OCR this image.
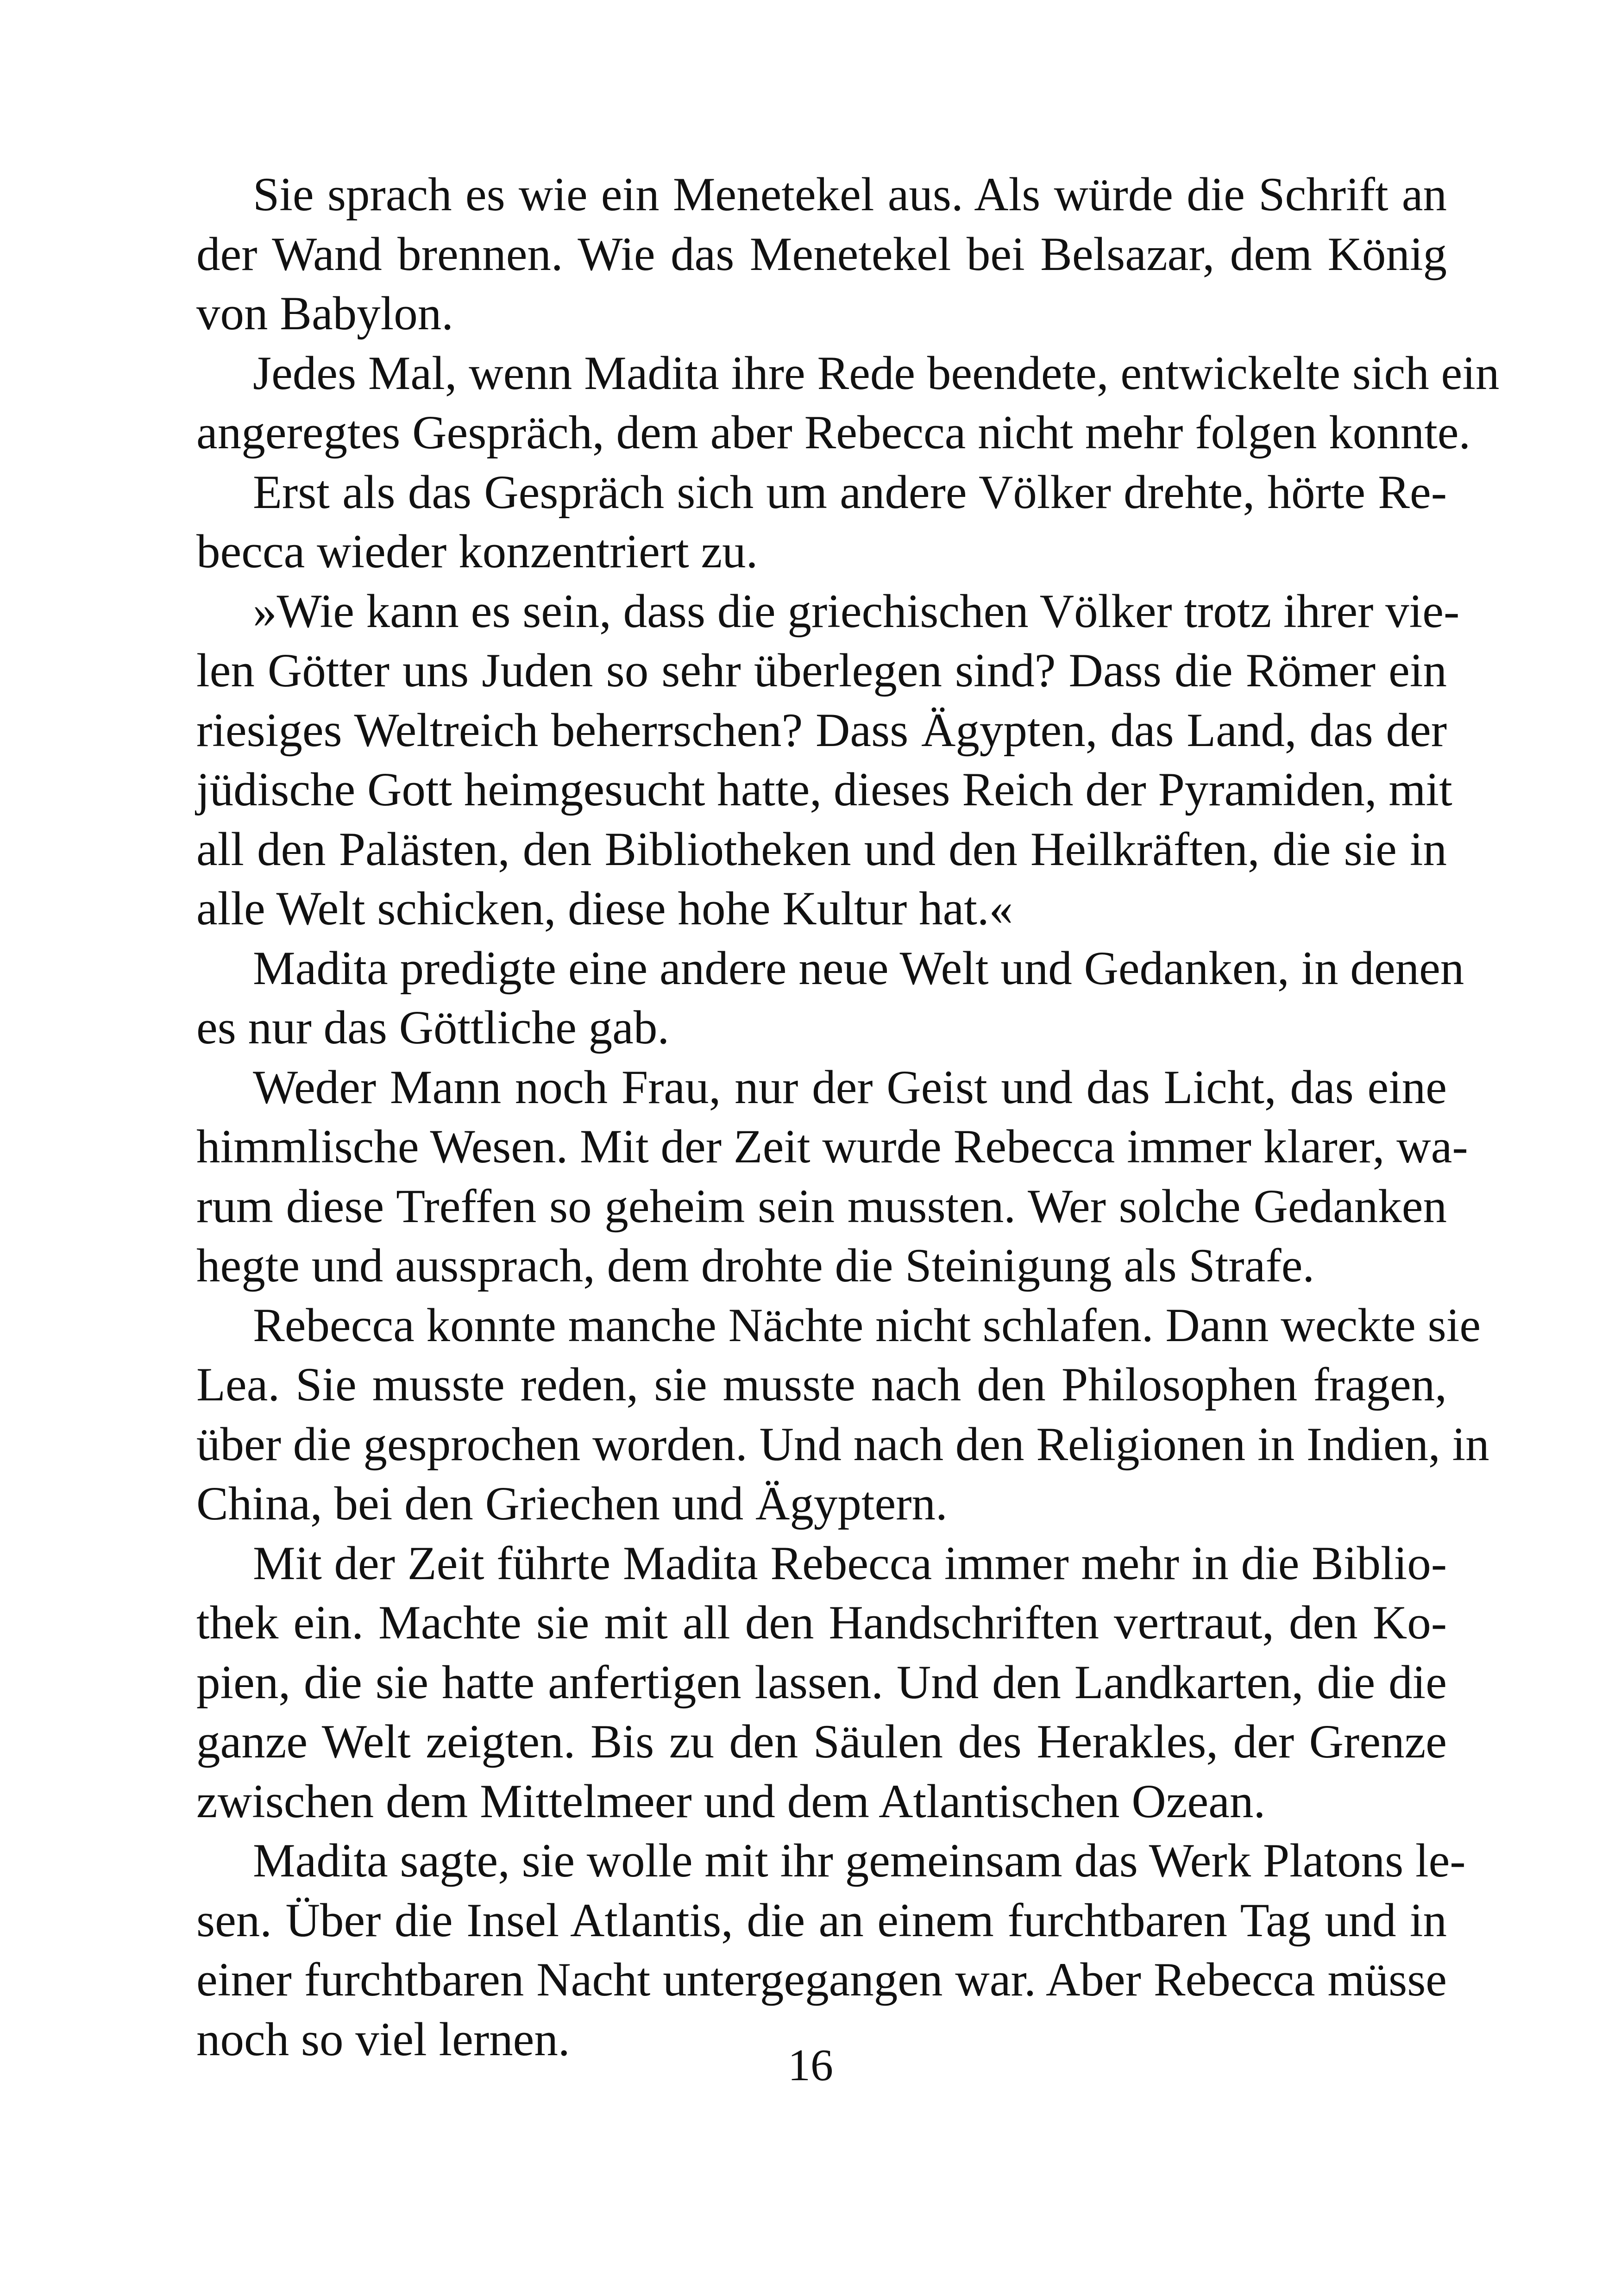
Sie sprach es wie ein Menetekel aus. Als würde die Schrift an
der Wand brennen. Wie das Menetekel bei Belsazar, dem König
von Babylon.
Jedes Mal, wenn Madita ihre Rede beendete, entwickelte sich ein
angeregtes Gespräch, dem aber Rebecca nicht mehr folgen konnte.
Erst als das Gespräch sich um andere Völker drehte, hörte Re-
becca wieder konzentriert zu.
»Wie kann es sein, dass die griechischen Völker trotz ihrer vie-
len Götter uns Juden so sehr überlegen sind? Dass die Römer ein
riesiges Weltreich beherrschen? Dass Ägypten, das Land, das der
jüdische Gott heimgesucht hatte, dieses Reich der Pyramiden, mit
all den Palästen, den Bibliotheken und den Heilkräften, die sie in
alle Welt schicken, diese hohe Kultur hat.«
Madita predigte eine andere neue Welt und Gedanken, in denen
es nur das Göttliche gab.
Weder Mann noch Frau, nur der Geist und das Licht, das eine
himmlische Wesen. Mit der Zeit wurde Rebecca immer klarer, wa-
rum diese Treffen so geheim sein mussten. Wer solche Gedanken
hegte und aussprach, dem drohte die Steinigung als Strafe.
Rebecca konnte manche Nächte nicht schlafen. Dann weckte sie
Lea. Sie musste reden, sie musste nach den Philosophen fragen,
über die gesprochen worden. Und nach den Religionen in Indien, in
China, bei den Griechen und Ägyptern.
Mit der Zeit führte Madita Rebecca immer mehr in die Biblio-
thek ein. Machte sie mit all den Handschriften vertraut, den Ko-
pien, die sie hatte anfertigen lassen. Und den Landkarten, die die
ganze Welt zeigten. Bis zu den Säulen des Herakles, der Grenze
zwischen dem Mittelmeer und dem Atlantischen Ozean.
Madita sagte, sie wolle mit ihr gemeinsam das Werk Platons le-
sen. Über die Insel Atlantis, die an einem furchtbaren Tag und in
einer furchtbaren Nacht untergegangen war. Aber Rebecca müsse
noch so viel lernen.	16
